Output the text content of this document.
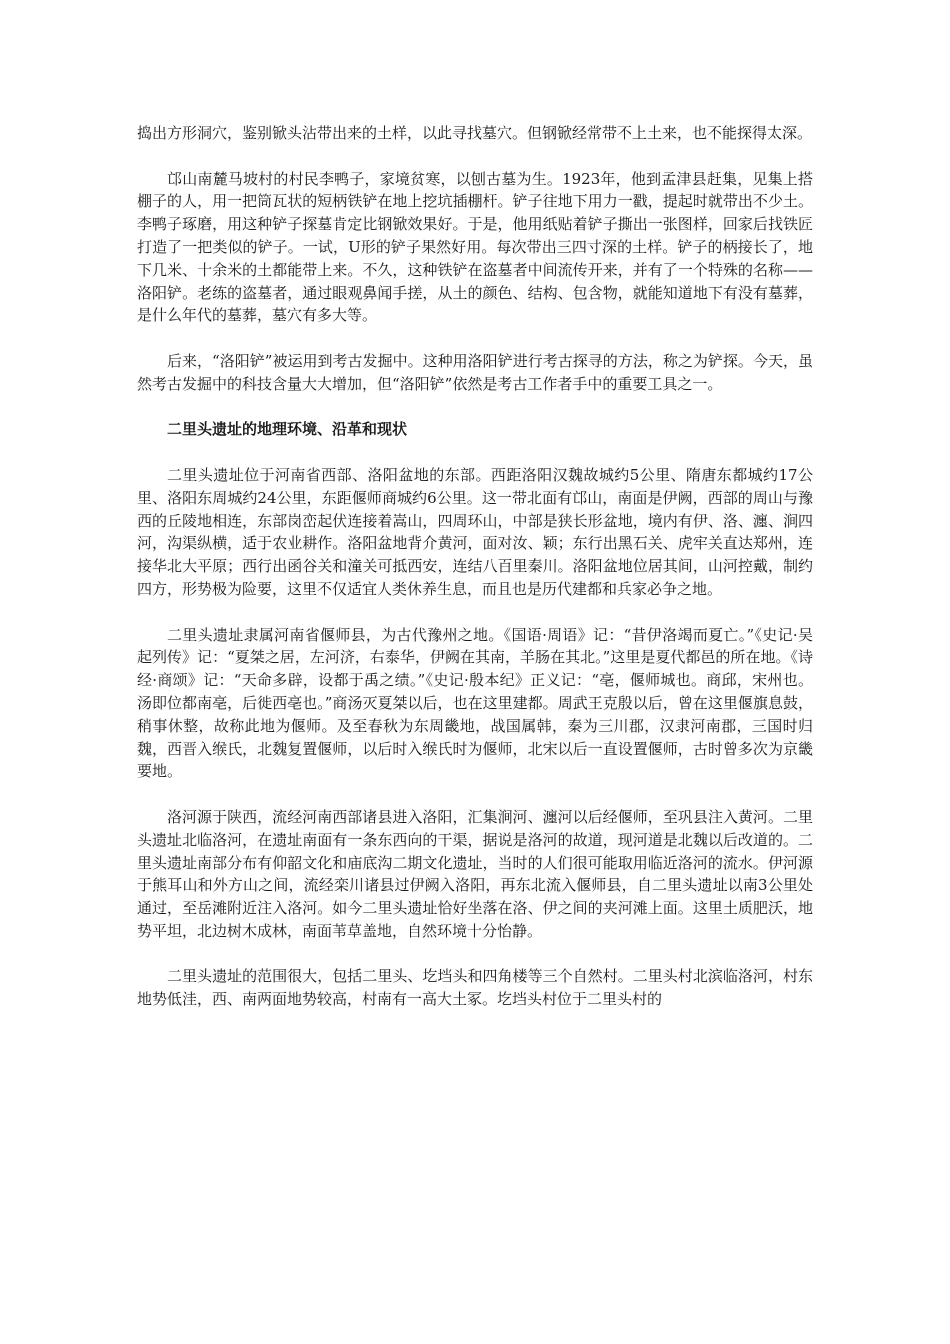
捣出方形洞穴，鉴别锨头沾带出来的土样，以此寻找墓穴。但钢锨经常带不上土来，也不能探得太深。

邙山南麓马坡村的村民李鸭子，家境贫寒，以刨古墓为生。1923年，他到孟津县赶集，见集上搭棚子的人，用一把筒瓦状的短柄铁铲在地上挖坑插棚杆。铲子往地下用力一戳，提起时就带出不少土。李鸭子琢磨，用这种铲子探墓肯定比钢锨效果好。于是，他用纸贴着铲子撕出一张图样，回家后找铁匠打造了一把类似的铲子。一试，U形的铲子果然好用。每次带出三四寸深的土样。铲子的柄接长了，地下几米、十余米的土都能带上来。不久，这种铁铲在盗墓者中间流传开来，并有了一个特殊的名称——洛阳铲。老练的盗墓者，通过眼观鼻闻手搓，从土的颜色、结构、包含物，就能知道地下有没有墓葬，是什么年代的墓葬，墓穴有多大等。

后来，“洛阳铲”被运用到考古发掘中。这种用洛阳铲进行考古探寻的方法，称之为铲探。今天，虽然考古发掘中的科技含量大大增加，但“洛阳铲”依然是考古工作者手中的重要工具之一。

二里头遗址的地理环境、沿革和现状

二里头遗址位于河南省西部、洛阳盆地的东部。西距洛阳汉魏故城约5公里、隋唐东都城约17公里、洛阳东周城约24公里，东距偃师商城约6公里。这一带北面有邙山，南面是伊阙，西部的周山与豫西的丘陵地相连，东部岗峦起伏连接着嵩山，四周环山，中部是狭长形盆地，境内有伊、洛、瀍、涧四河，沟渠纵横，适于农业耕作。洛阳盆地背介黄河，面对汝、颖；东行出黑石关、虎牢关直达郑州，连接华北大平原；西行出函谷关和潼关可抵西安，连结八百里秦川。洛阳盆地位居其间，山河控戴，制约四方，形势极为险要，这里不仅适宜人类休养生息，而且也是历代建都和兵家必争之地。

二里头遗址隶属河南省偃师县，为古代豫州之地。《国语·周语》记：“昔伊洛竭而夏亡。”《史记·吴起列传》记：“夏桀之居，左河济，右泰华，伊阙在其南，羊肠在其北。”这里是夏代都邑的所在地。《诗经·商颂》记：“天命多辟，设都于禹之绩。”《史记·殷本纪》正义记：“亳，偃师城也。商邱，宋州也。汤即位都南亳，后徙西亳也。”商汤灭夏桀以后，也在这里建都。周武王克殷以后，曾在这里偃旗息鼓，稍事休整，故称此地为偃师。及至春秋为东周畿地，战国属韩，秦为三川郡，汉隶河南郡，三国时归魏，西晋入缑氏，北魏复置偃师，以后时入缑氏时为偃师，北宋以后一直设置偃师，古时曾多次为京畿要地。

洛河源于陕西，流经河南西部诸县进入洛阳，汇集涧河、瀍河以后经偃师，至巩县注入黄河。二里头遗址北临洛河，在遗址南面有一条东西向的干渠，据说是洛河的故道，现河道是北魏以后改道的。二里头遗址南部分布有仰韶文化和庙底沟二期文化遗址，当时的人们很可能取用临近洛河的流水。伊河源于熊耳山和外方山之间，流经栾川诸县过伊阙入洛阳，再东北流入偃师县，自二里头遗址以南3公里处通过，至岳滩附近注入洛河。如今二里头遗址恰好坐落在洛、伊之间的夹河滩上面。这里土质肥沃，地势平坦，北边树木成林，南面苇草盖地，自然环境十分怡静。

二里头遗址的范围很大，包括二里头、圪垱头和四角楼等三个自然村。二里头村北滨临洛河，村东地势低洼，西、南两面地势较高，村南有一高大土冢。圪垱头村位于二里头村的
